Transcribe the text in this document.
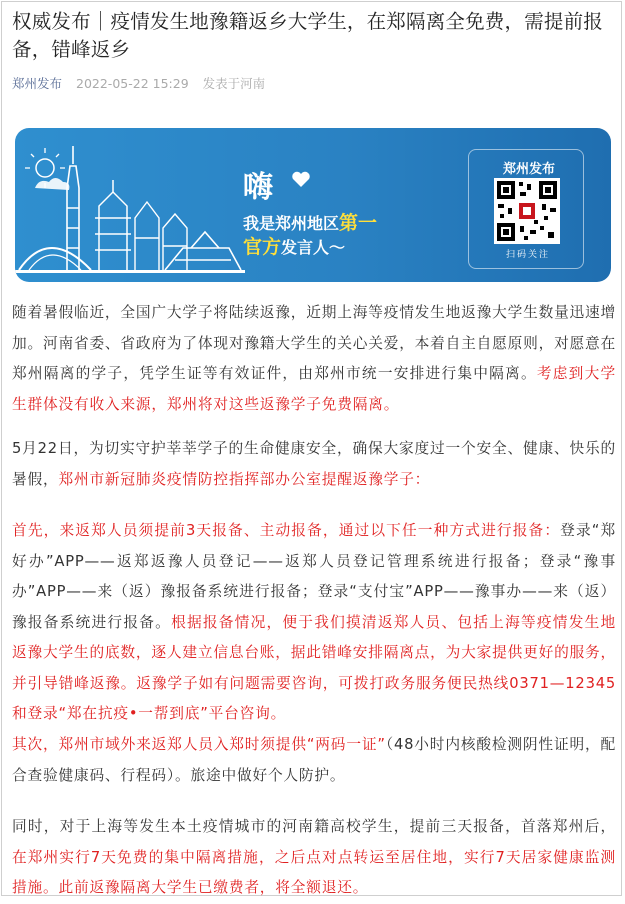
权威发布｜疫情发生地豫籍返乡大学生，在郑隔离全免费，需提前报备，错峰返乡
郑州发布 2022-05-22 15:29 发表于河南
嗨
我是郑州地区第一
官方发言人～
郑州发布
扫码关注
随着暑假临近，全国广大学子将陆续返豫，近期上海等疫情发生地返豫大学生数量迅速增加。河南省委、省政府为了体现对豫籍大学生的关心关爱，本着自主自愿原则，对愿意在郑州隔离的学子，凭学生证等有效证件，由郑州市统一安排进行集中隔离。考虑到大学生群体没有收入来源，郑州将对这些返豫学子免费隔离。
5月22日，为切实守护莘莘学子的生命健康安全，确保大家度过一个安全、健康、快乐的暑假，郑州市新冠肺炎疫情防控指挥部办公室提醒返豫学子：
首先，来返郑人员须提前3天报备、主动报备，通过以下任一种方式进行报备：登录“郑好办”APP——返郑返豫人员登记——返郑人员登记管理系统进行报备；登录“豫事办”APP——来（返）豫报备系统进行报备；登录“支付宝”APP——豫事办——来（返）豫报备系统进行报备。根据报备情况，便于我们摸清返郑人员、包括上海等疫情发生地返豫大学生的底数，逐人建立信息台账，据此错峰安排隔离点，为大家提供更好的服务，并引导错峰返豫。返豫学子如有问题需要咨询，可拨打政务服务便民热线0371—12345和登录“郑在抗疫•一帮到底”平台咨询。
其次，郑州市域外来返郑人员入郑时须提供“两码一证”（48小时内核酸检测阴性证明，配合查验健康码、行程码）。旅途中做好个人防护。
同时，对于上海等发生本土疫情城市的河南籍高校学生，提前三天报备，首落郑州后，在郑州实行7天免费的集中隔离措施，之后点对点转运至居住地，实行7天居家健康监测措施。此前返豫隔离大学生已缴费者，将全额退还。
